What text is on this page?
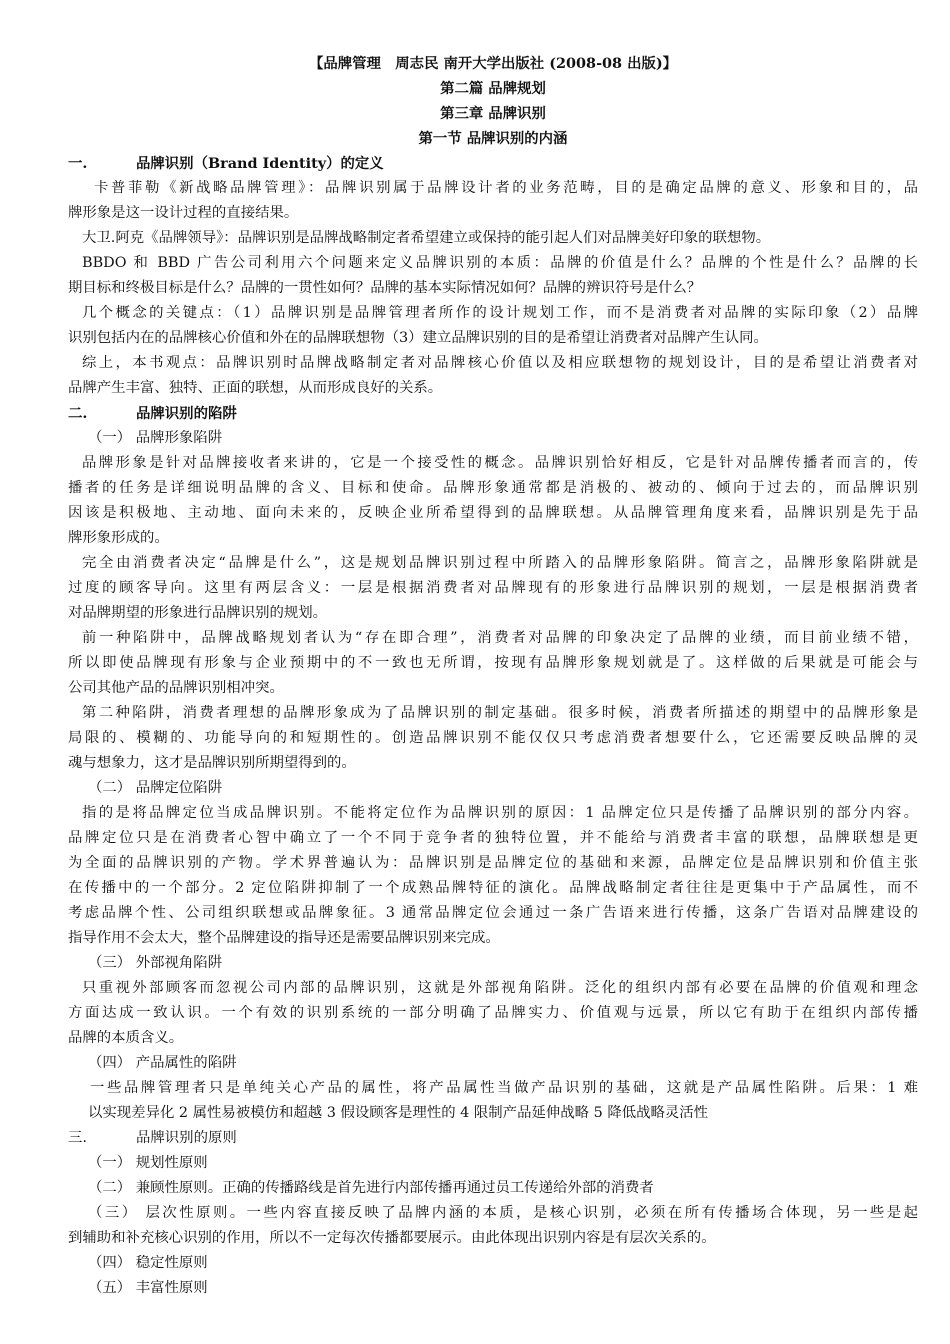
【品牌管理　周志民 南开大学出版社 (2008-08 出版)】
第二篇 品牌规划
第三章 品牌识别
第一节 品牌识别的内涵
一.	品牌识别（Brand Identity）的定义
卡普菲勒《新战略品牌管理》：品牌识别属于品牌设计者的业务范畴，目的是确定品牌的意义、形象和目的，品
牌形象是这一设计过程的直接结果。
大卫.阿克《品牌领导》：品牌识别是品牌战略制定者希望建立或保持的能引起人们对品牌美好印象的联想物。
BBDO 和 BBD 广告公司利用六个问题来定义品牌识别的本质：品牌的价值是什么？品牌的个性是什么？品牌的长
期目标和终极目标是什么？品牌的一贯性如何？品牌的基本实际情况如何？品牌的辨识符号是什么？
几个概念的关键点：（1）品牌识别是品牌管理者所作的设计规划工作，而不是消费者对品牌的实际印象（2）品牌
识别包括内在的品牌核心价值和外在的品牌联想物（3）建立品牌识别的目的是希望让消费者对品牌产生认同。
综上，本书观点：品牌识别时品牌战略制定者对品牌核心价值以及相应联想物的规划设计，目的是希望让消费者对
品牌产生丰富、独特、正面的联想，从而形成良好的关系。
二.	品牌识别的陷阱
（一） 品牌形象陷阱
品牌形象是针对品牌接收者来讲的，它是一个接受性的概念。品牌识别恰好相反，它是针对品牌传播者而言的，传
播者的任务是详细说明品牌的含义、目标和使命。品牌形象通常都是消极的、被动的、倾向于过去的，而品牌识别
因该是积极地、主动地、面向未来的，反映企业所希望得到的品牌联想。从品牌管理角度来看，品牌识别是先于品
牌形象形成的。
完全由消费者决定“品牌是什么”，这是规划品牌识别过程中所踏入的品牌形象陷阱。简言之，品牌形象陷阱就是
过度的顾客导向。这里有两层含义：一层是根据消费者对品牌现有的形象进行品牌识别的规划，一层是根据消费者
对品牌期望的形象进行品牌识别的规划。
前一种陷阱中，品牌战略规划者认为“存在即合理”，消费者对品牌的印象决定了品牌的业绩，而目前业绩不错，
所以即使品牌现有形象与企业预期中的不一致也无所谓，按现有品牌形象规划就是了。这样做的后果就是可能会与
公司其他产品的品牌识别相冲突。
第二种陷阱，消费者理想的品牌形象成为了品牌识别的制定基础。很多时候，消费者所描述的期望中的品牌形象是
局限的、模糊的、功能导向的和短期性的。创造品牌识别不能仅仅只考虑消费者想要什么，它还需要反映品牌的灵
魂与想象力，这才是品牌识别所期望得到的。
（二） 品牌定位陷阱
指的是将品牌定位当成品牌识别。不能将定位作为品牌识别的原因：1 品牌定位只是传播了品牌识别的部分内容。
品牌定位只是在消费者心智中确立了一个不同于竞争者的独特位置，并不能给与消费者丰富的联想，品牌联想是更
为全面的品牌识别的产物。学术界普遍认为：品牌识别是品牌定位的基础和来源，品牌定位是品牌识别和价值主张
在传播中的一个部分。2 定位陷阱抑制了一个成熟品牌特征的演化。品牌战略制定者往往是更集中于产品属性，而不
考虑品牌个性、公司组织联想或品牌象征。3 通常品牌定位会通过一条广告语来进行传播，这条广告语对品牌建设的
指导作用不会太大，整个品牌建设的指导还是需要品牌识别来完成。
（三） 外部视角陷阱
只重视外部顾客而忽视公司内部的品牌识别，这就是外部视角陷阱。泛化的组织内部有必要在品牌的价值观和理念
方面达成一致认识。一个有效的识别系统的一部分明确了品牌实力、价值观与远景，所以它有助于在组织内部传播
品牌的本质含义。
（四） 产品属性的陷阱
一些品牌管理者只是单纯关心产品的属性，将产品属性当做产品识别的基础，这就是产品属性陷阱。后果：1 难
以实现差异化 2 属性易被模仿和超越 3 假设顾客是理性的 4 限制产品延伸战略 5 降低战略灵活性
三.	品牌识别的原则
（一） 规划性原则
（二） 兼顾性原则。正确的传播路线是首先进行内部传播再通过员工传递给外部的消费者
（三） 层次性原则。一些内容直接反映了品牌内涵的本质，是核心识别，必须在所有传播场合体现，另一些是起
到辅助和补充核心识别的作用，所以不一定每次传播都要展示。由此体现出识别内容是有层次关系的。
（四） 稳定性原则
（五） 丰富性原则
